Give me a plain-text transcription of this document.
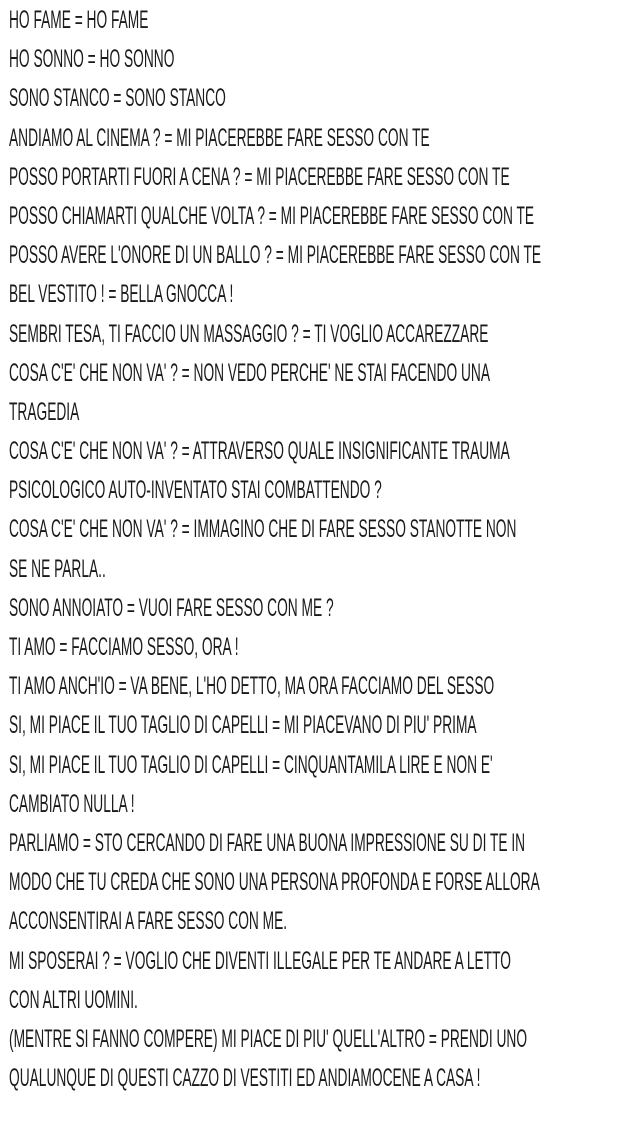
HO FAME = HO FAME
HO SONNO = HO SONNO
SONO STANCO = SONO STANCO
ANDIAMO AL CINEMA ? = MI PIACEREBBE FARE SESSO CON TE
POSSO PORTARTI FUORI A CENA ? = MI PIACEREBBE FARE SESSO CON TE
POSSO CHIAMARTI QUALCHE VOLTA ? = MI PIACEREBBE FARE SESSO CON TE
POSSO AVERE L'ONORE DI UN BALLO ? = MI PIACEREBBE FARE SESSO CON TE
BEL VESTITO ! = BELLA GNOCCA !
SEMBRI TESA, TI FACCIO UN MASSAGGIO ? = TI VOGLIO ACCAREZZARE
COSA C'E' CHE NON VA' ? = NON VEDO PERCHE' NE STAI FACENDO UNA
TRAGEDIA
COSA C'E' CHE NON VA' ? = ATTRAVERSO QUALE INSIGNIFICANTE TRAUMA
PSICOLOGICO AUTO-INVENTATO STAI COMBATTENDO ?
COSA C'E' CHE NON VA' ? = IMMAGINO CHE DI FARE SESSO STANOTTE NON
SE NE PARLA..
SONO ANNOIATO = VUOI FARE SESSO CON ME ?
TI AMO = FACCIAMO SESSO, ORA !
TI AMO ANCH'IO = VA BENE, L'HO DETTO, MA ORA FACCIAMO DEL SESSO
SI, MI PIACE IL TUO TAGLIO DI CAPELLI = MI PIACEVANO DI PIU' PRIMA
SI, MI PIACE IL TUO TAGLIO DI CAPELLI = CINQUANTAMILA LIRE E NON E'
CAMBIATO NULLA !
PARLIAMO = STO CERCANDO DI FARE UNA BUONA IMPRESSIONE SU DI TE IN
MODO CHE TU CREDA CHE SONO UNA PERSONA PROFONDA E FORSE ALLORA
ACCONSENTIRAI A FARE SESSO CON ME.
MI SPOSERAI ? = VOGLIO CHE DIVENTI ILLEGALE PER TE ANDARE A LETTO
CON ALTRI UOMINI.
(MENTRE SI FANNO COMPERE) MI PIACE DI PIU' QUELL'ALTRO = PRENDI UNO
QUALUNQUE DI QUESTI CAZZO DI VESTITI ED ANDIAMOCENE A CASA !
